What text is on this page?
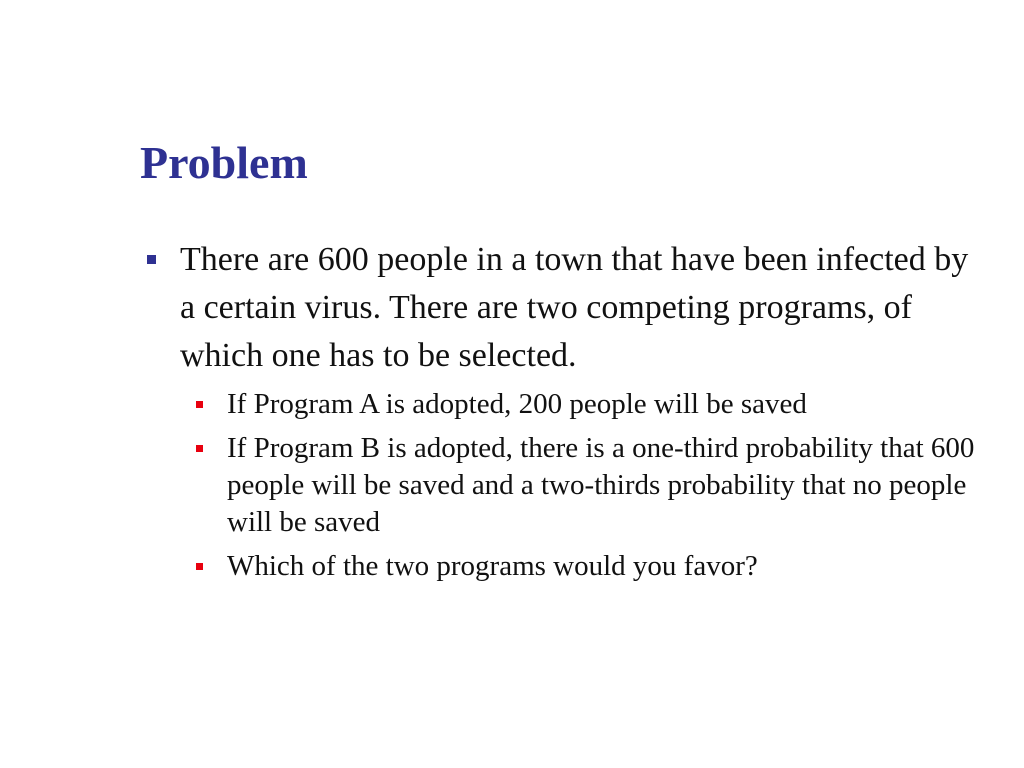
Problem
There are 600 people in a town that have been infected by a certain virus. There are two competing programs, of which one has to be selected.
If Program A is adopted, 200 people will be saved
If Program B is adopted, there is a one-third probability that 600 people will be saved and a two-thirds probability that no people will be saved
Which of the two programs would you favor?
